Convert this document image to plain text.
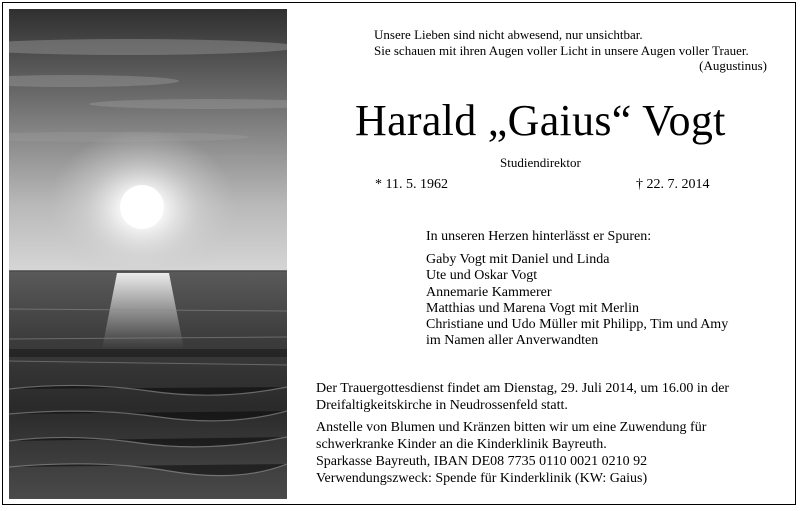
Unsere Lieben sind nicht abwesend, nur unsichtbar.
Sie schauen mit ihren Augen voller Licht in unsere Augen voller Trauer.
(Augustinus)
Harald „Gaius“ Vogt
Studiendirektor
* 11. 5. 1962	† 22. 7. 2014
In unseren Herzen hinterlässt er Spuren:
Gaby Vogt mit Daniel und Linda
Ute und Oskar Vogt
Annemarie Kammerer
Matthias und Marena Vogt mit Merlin
Christiane und Udo Müller mit Philipp, Tim und Amy
im Namen aller Anverwandten
Der Trauergottesdienst findet am Dienstag, 29. Juli 2014, um 16.00 in der
Dreifaltigkeitskirche in Neudrossenfeld statt.
Anstelle von Blumen und Kränzen bitten wir um eine Zuwendung für
schwerkranke Kinder an die Kinderklinik Bayreuth.
Sparkasse Bayreuth, IBAN DE08 7735 0110 0021 0210 92
Verwendungszweck: Spende für Kinderklinik (KW: Gaius)
